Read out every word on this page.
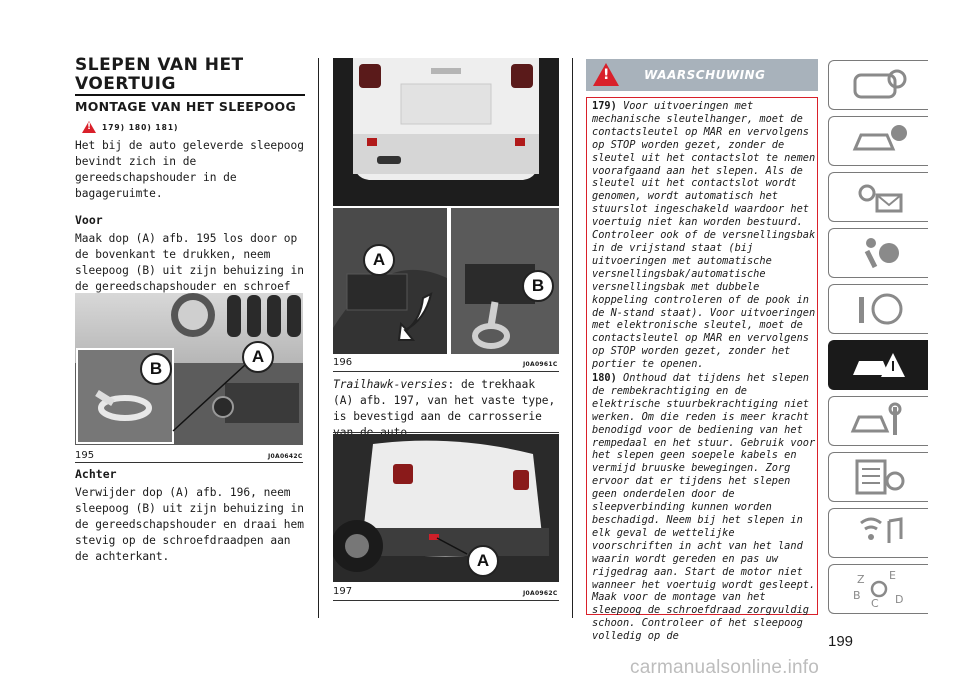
SLEPEN VAN HET VOERTUIG
MONTAGE VAN HET SLEEPOOG
!
179) 180) 181)
Het bij de auto geleverde sleepoog bevindt zich in de gereedschapshouder in de bagageruimte.
Voor
Maak dop (A) afb. 195 los door op de bovenkant te drukken, neem sleepoog (B) uit zijn behuizing in de gereedschapshouder en schroef
A
B
195	J0A0642C
Achter
Verwijder dop (A) afb. 196, neem sleepoog (B) uit zijn behuizing in de gereedschapshouder en draai hem stevig op de schroefdraadpen aan de achterkant.
A
B
196	J0A0961C
Trailhawk-versies: de trekhaak (A) afb. 197, van het vaste type, is bevestigd aan de carrosserie
A
197	J0A0962C
!
WAARSCHUWING
179) Voor uitvoeringen met mechanische sleutelhanger, moet de contactsleutel op MAR en vervolgens op STOP worden gezet, zonder de sleutel uit het contactslot te nemen voorafgaand aan het slepen. Als de sleutel uit het contactslot wordt genomen, wordt automatisch het stuurslot ingeschakeld waardoor het voertuig niet kan worden bestuurd. Controleer ook of de versnellingsbak in de vrijstand staat (bij uitvoeringen met automatische versnellingsbak/automatische versnellingsbak met dubbele koppeling controleren of de pook in de N-stand staat). Voor uitvoeringen met elektronische sleutel, moet de contactsleutel op MAR en vervolgens op STOP worden gezet, zonder het portier te openen.
180) Onthoud dat tijdens het slepen de rembekrachtiging en de elektrische stuurbekrachtiging niet werken. Om die reden is meer kracht benodigd voor de bediening van het rempedaal en het stuur. Gebruik voor het slepen geen soepele kabels en vermijd bruuske bewegingen. Zorg ervoor dat er tijdens het slepen geen onderdelen door de sleepverbinding kunnen worden beschadigd. Neem bij het slepen in elk geval de wettelijke voorschriften in acht van het land waarin wordt gereden en pas uw rijgedrag aan. Start de motor niet wanneer het voertuig wordt gesleept. Maak voor de montage van het sleepoog de schroefdraad zorgvuldig schoon. Controleer of het sleepoog volledig op de	199
Z E
B
C D
carmanualsonline.info
